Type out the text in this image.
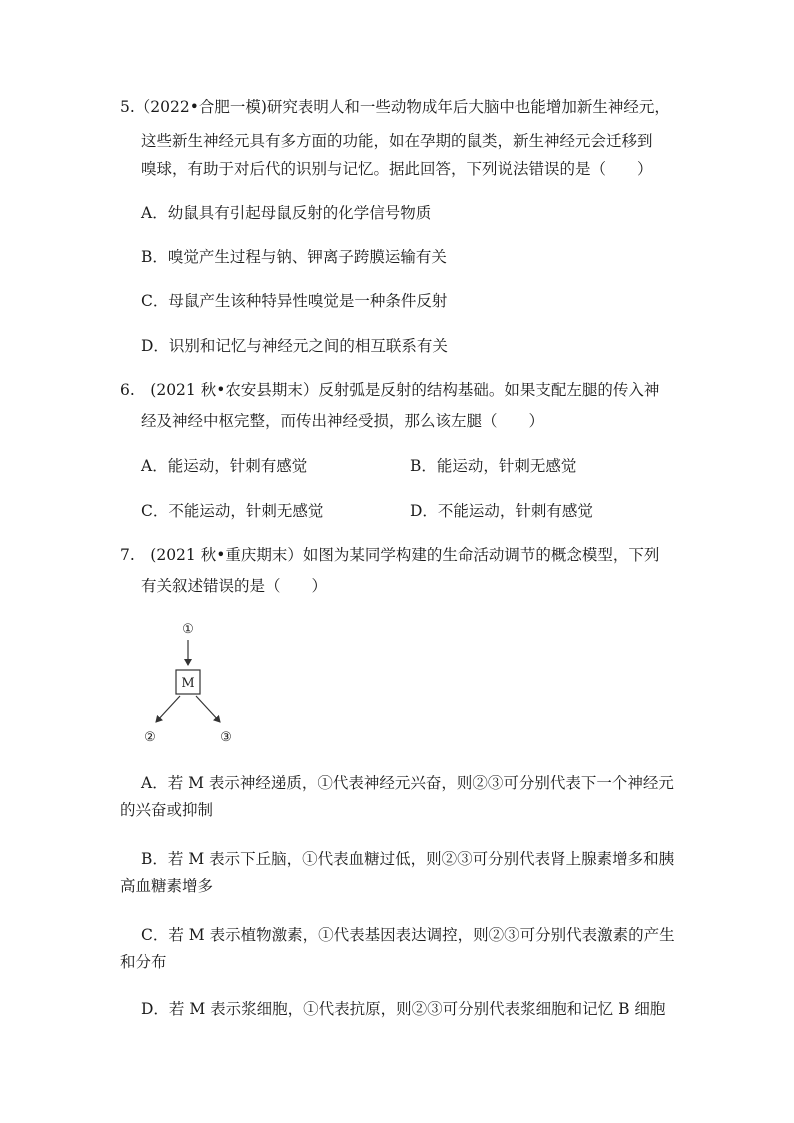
5.（2022•合肥一模)研究表明人和一些动物成年后大脑中也能增加新生神经元，
这些新生神经元具有多方面的功能，如在孕期的鼠类，新生神经元会迁移到
嗅球，有助于对后代的识别与记忆。据此回答，下列说法错误的是（　　）
A．幼鼠具有引起母鼠反射的化学信号物质
B．嗅觉产生过程与钠、钾离子跨膜运输有关
C．母鼠产生该种特异性嗅觉是一种条件反射
D．识别和记忆与神经元之间的相互联系有关
6.　(2021 秋•农安县期末）反射弧是反射的结构基础。如果支配左腿的传入神
经及神经中枢完整，而传出神经受损，那么该左腿（　　）
A．能运动，针刺有感觉	B．能运动，针刺无感觉
C．不能运动，针刺无感觉	D．不能运动，针刺有感觉
7.　(2021 秋•重庆期末）如图为某同学构建的生命活动调节的概念模型，下列
有关叙述错误的是（　　）
①
M
②	③
A．若 M 表示神经递质，①代表神经元兴奋，则②③可分别代表下一个神经元
的兴奋或抑制
B．若 M 表示下丘脑，①代表血糖过低，则②③可分别代表肾上腺素增多和胰
高血糖素增多
C．若 M 表示植物激素，①代表基因表达调控，则②③可分别代表激素的产生
和分布
D．若 M 表示浆细胞，①代表抗原，则②③可分别代表浆细胞和记忆 B 细胞
